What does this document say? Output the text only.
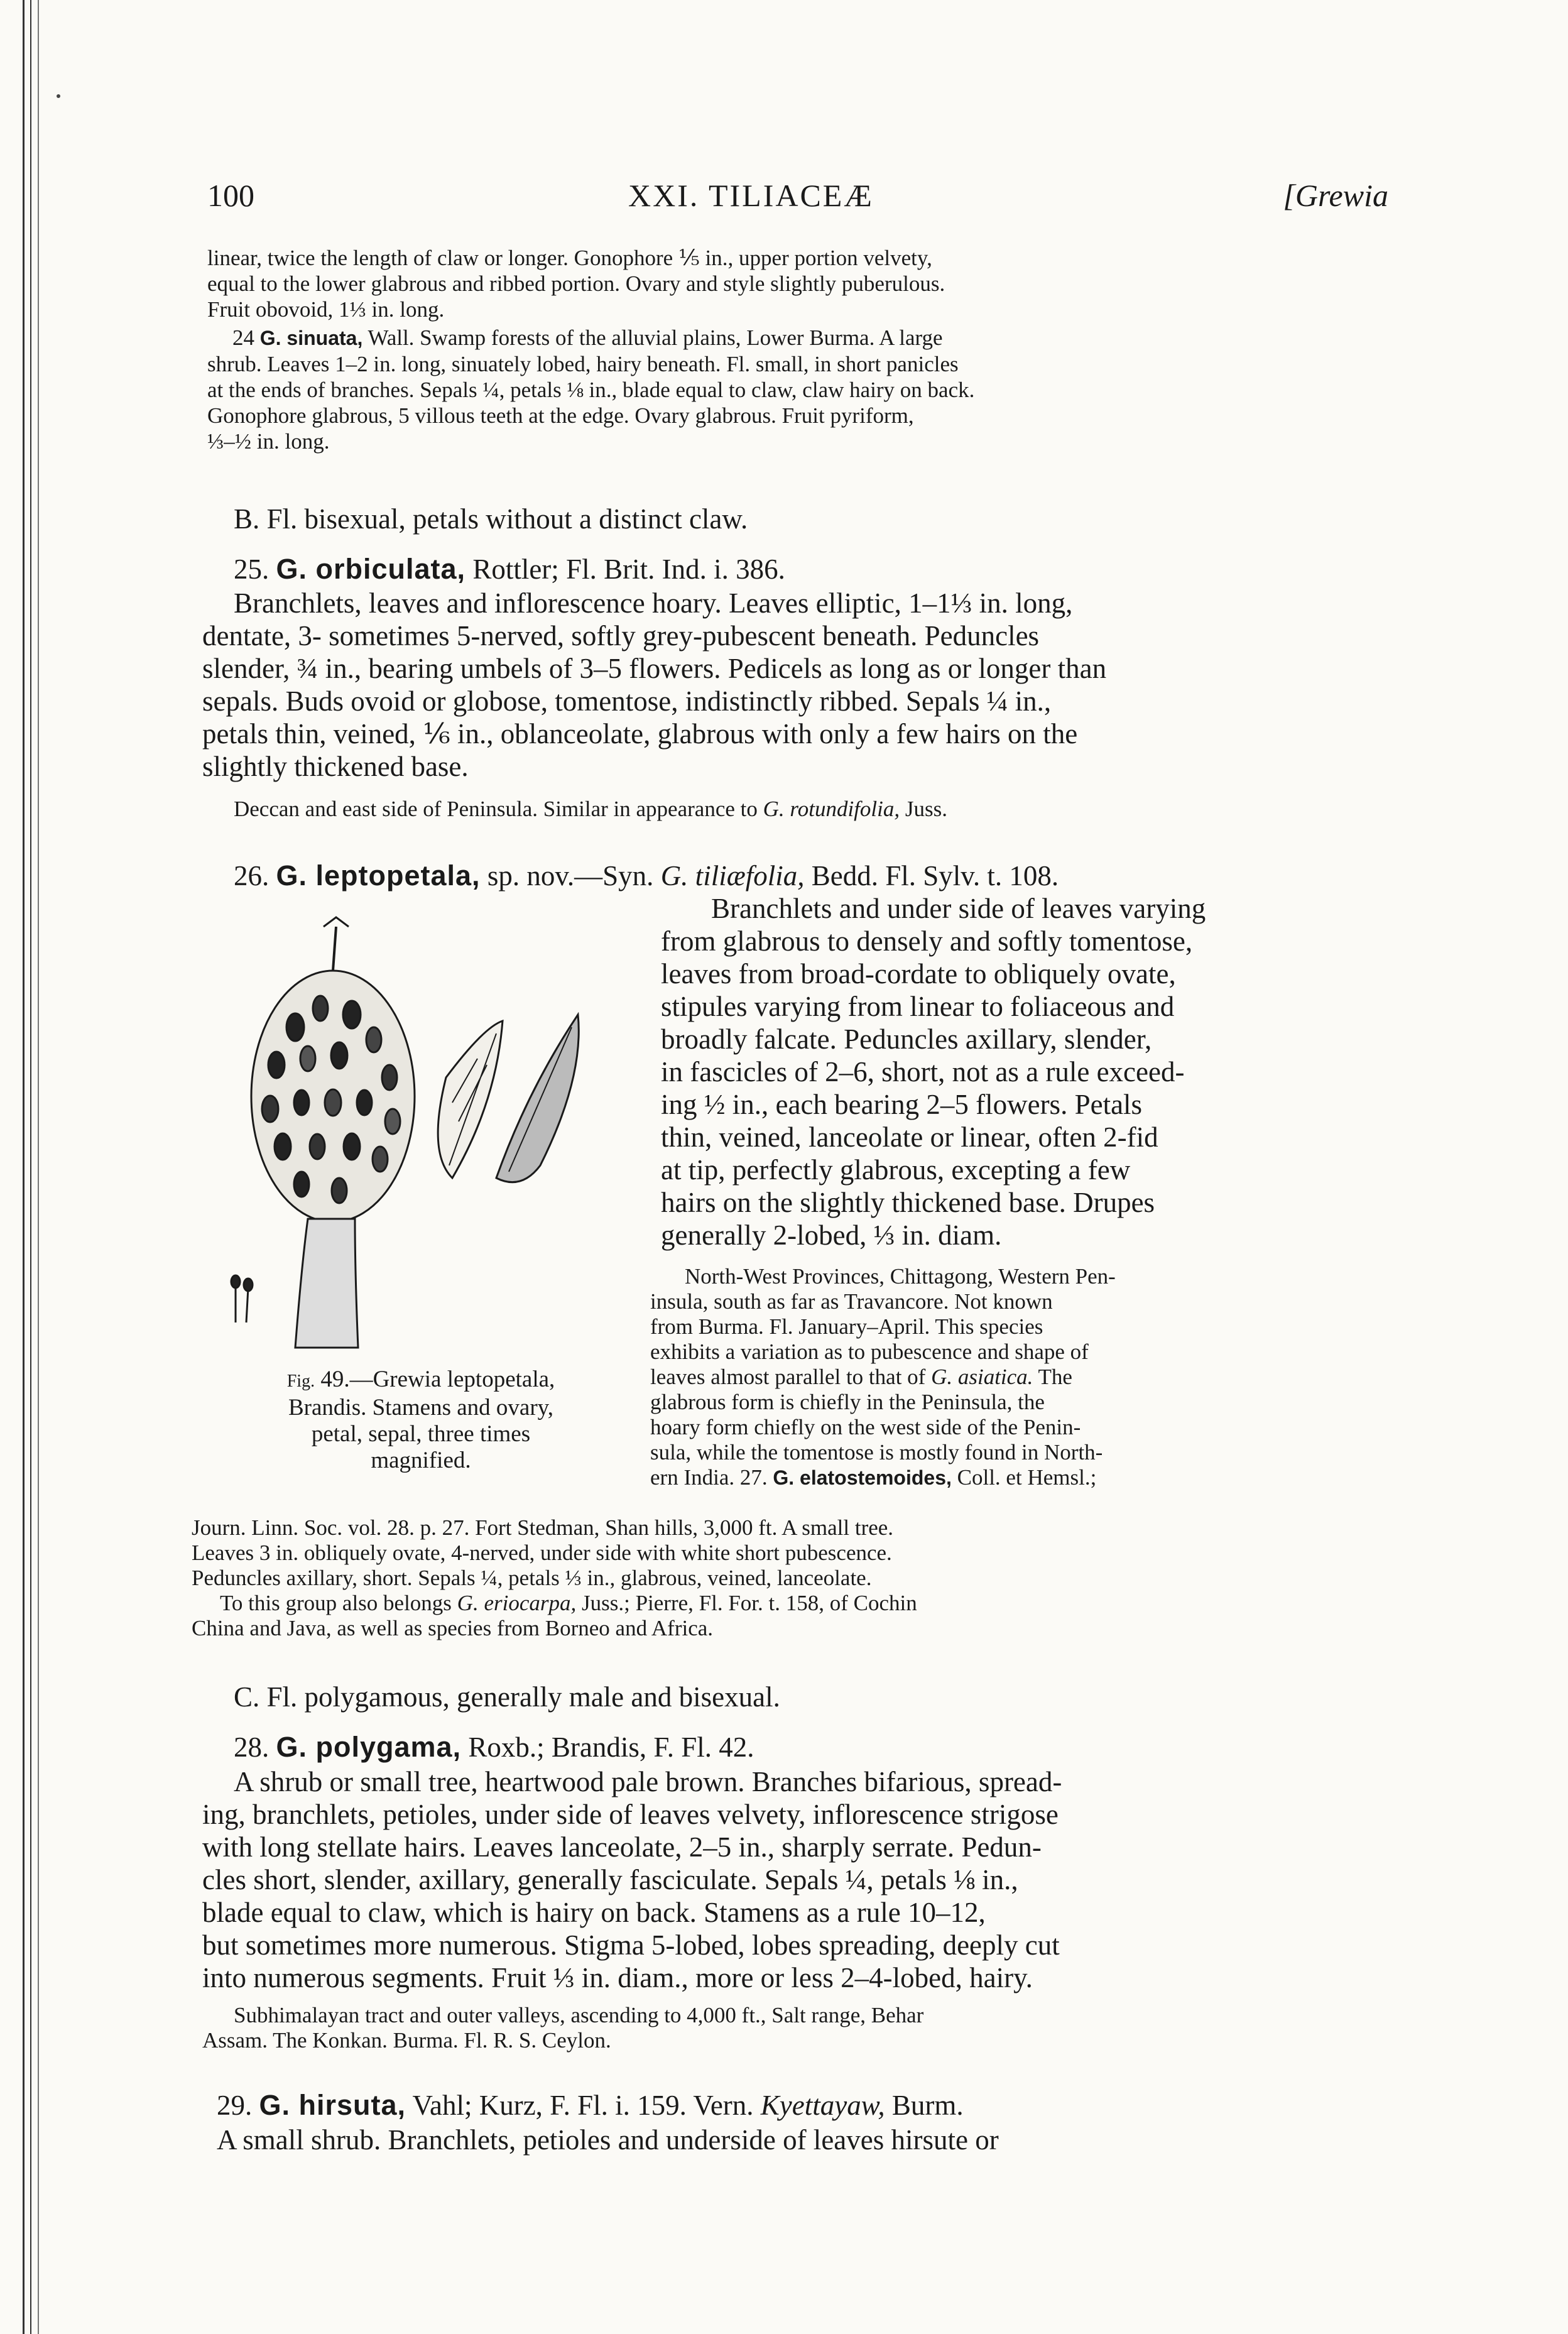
100	XXI. TILIACEÆ	[Grewia
linear, twice the length of claw or longer. Gonophore ⅕ in., upper portion velvety,
equal to the lower glabrous and ribbed portion. Ovary and style slightly puberulous.
Fruit obovoid, 1⅓ in. long.
24 G. sinuata, Wall. Swamp forests of the alluvial plains, Lower Burma. A large
shrub. Leaves 1–2 in. long, sinuately lobed, hairy beneath. Fl. small, in short panicles
at the ends of branches. Sepals ¼, petals ⅛ in., blade equal to claw, claw hairy on back.
Gonophore glabrous, 5 villous teeth at the edge. Ovary glabrous. Fruit pyriform,
⅓–½ in. long.
B. Fl. bisexual, petals without a distinct claw.
25. G. orbiculata, Rottler; Fl. Brit. Ind. i. 386.
Branchlets, leaves and inflorescence hoary. Leaves elliptic, 1–1⅓ in. long,
dentate, 3- sometimes 5-nerved, softly grey-pubescent beneath. Peduncles
slender, ¾ in., bearing umbels of 3–5 flowers. Pedicels as long as or longer than
sepals. Buds ovoid or globose, tomentose, indistinctly ribbed. Sepals ¼ in.,
petals thin, veined, ⅙ in., oblanceolate, glabrous with only a few hairs on the
slightly thickened base.
Deccan and east side of Peninsula. Similar in appearance to G. rotundifolia, Juss.
26. G. leptopetala, sp. nov.—Syn. G. tiliæfolia, Bedd. Fl. Sylv. t. 108.
Branchlets and under side of leaves varying
from glabrous to densely and softly tomentose,
leaves from broad-cordate to obliquely ovate,
stipules varying from linear to foliaceous and
broadly falcate. Peduncles axillary, slender,
in fascicles of 2–6, short, not as a rule exceed-
ing ½ in., each bearing 2–5 flowers. Petals
thin, veined, lanceolate or linear, often 2-fid
at tip, perfectly glabrous, excepting a few
hairs on the slightly thickened base. Drupes
generally 2-lobed, ⅓ in. diam.
North-West Provinces, Chittagong, Western Pen-
insula, south as far as Travancore. Not known
from Burma. Fl. January–April. This species
exhibits a variation as to pubescence and shape of
leaves almost parallel to that of G. asiatica. The
glabrous form is chiefly in the Peninsula, the
hoary form chiefly on the west side of the Penin-
sula, while the tomentose is mostly found in North-
ern India. 27. G. elatostemoides, Coll. et Hemsl.;
Journ. Linn. Soc. vol. 28. p. 27. Fort Stedman, Shan hills, 3,000 ft. A small tree.
Leaves 3 in. obliquely ovate, 4-nerved, under side with white short pubescence.
Peduncles axillary, short. Sepals ¼, petals ⅓ in., glabrous, veined, lanceolate.
To this group also belongs G. eriocarpa, Juss.; Pierre, Fl. For. t. 158, of Cochin
China and Java, as well as species from Borneo and Africa.
Fig. 49.—Grewia leptopetala,
Brandis. Stamens and ovary,
petal, sepal, three times
magnified.
C. Fl. polygamous, generally male and bisexual.
28. G. polygama, Roxb.; Brandis, F. Fl. 42.
A shrub or small tree, heartwood pale brown. Branches bifarious, spread-
ing, branchlets, petioles, under side of leaves velvety, inflorescence strigose
with long stellate hairs. Leaves lanceolate, 2–5 in., sharply serrate. Pedun-
cles short, slender, axillary, generally fasciculate. Sepals ¼, petals ⅛ in.,
blade equal to claw, which is hairy on back. Stamens as a rule 10–12,
but sometimes more numerous. Stigma 5-lobed, lobes spreading, deeply cut
into numerous segments. Fruit ⅓ in. diam., more or less 2–4-lobed, hairy.
Subhimalayan tract and outer valleys, ascending to 4,000 ft., Salt range, Behar
Assam. The Konkan. Burma. Fl. R. S. Ceylon.
29. G. hirsuta, Vahl; Kurz, F. Fl. i. 159. Vern. Kyettayaw, Burm.
A small shrub. Branchlets, petioles and underside of leaves hirsute or
